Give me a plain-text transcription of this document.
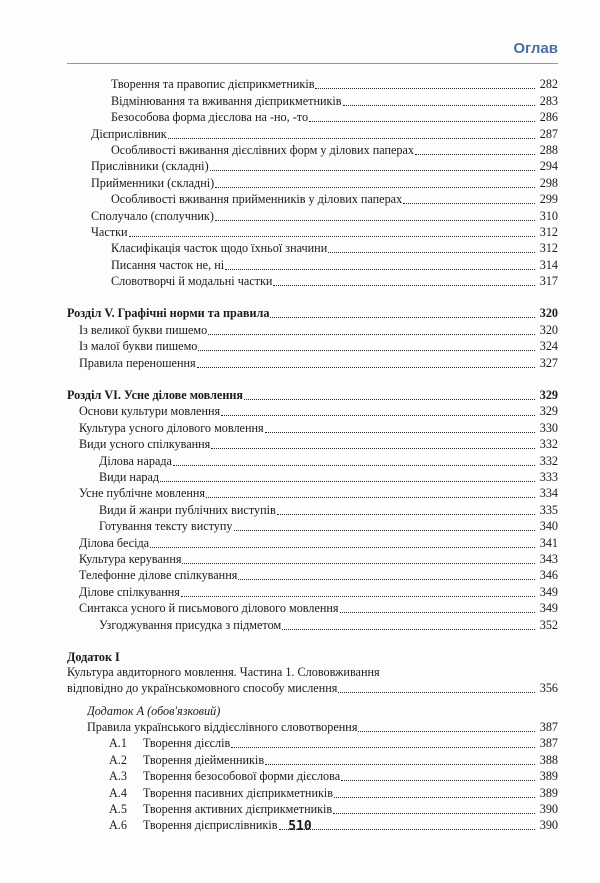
Оглав
Творення та правопис дієприкметників	282
Відмінювання та вживання дієприкметників	283
Безособова форма дієслова на -но, -то	286
Дієприслівник	287
Особливості вживання дієслівних форм у ділових паперах	288
Прислівники (складні)	294
Прийменники (складні)	298
Особливості вживання прийменників у ділових паперах	299
Сполучало (сполучник)	310
Частки	312
Класифікація часток щодо їхньої значини	312
Писання часток не, ні	314
Словотворчі й модальні частки	317
Розділ V. Графічні норми та правила	320
Із великої букви пишемо	320
Із малої букви пишемо	324
Правила переношення	327
Розділ VI. Усне ділове мовлення	329
Основи культури мовлення	329
Культура усного ділового мовлення	330
Види усного спілкування	332
Ділова нарада	332
Види нарад	333
Усне публічне мовлення	334
Види й жанри публічних виступів	335
Готування тексту виступу	340
Ділова бесіда	341
Культура керування	343
Телефонне ділове спілкування	346
Ділове спілкування	349
Синтакса усного й письмового ділового мовлення	349
Узгоджування присудка з підметом	352
Додаток I
Культура авдиторного мовлення. Частина 1. Слововживання
відповідно до українськомовного способу мислення	356
Додаток А (обов'язковий)
Правила українського віддієслівного словотворення	387
А.1	Творення дієслів	387
А.2	Творення діейменників	388
А.3	Творення безособової форми дієслова	389
А.4	Творення пасивних дієприкметників	389
А.5	Творення активних дієприкметників	390
А.6	Творення дієприслівників	390
510
